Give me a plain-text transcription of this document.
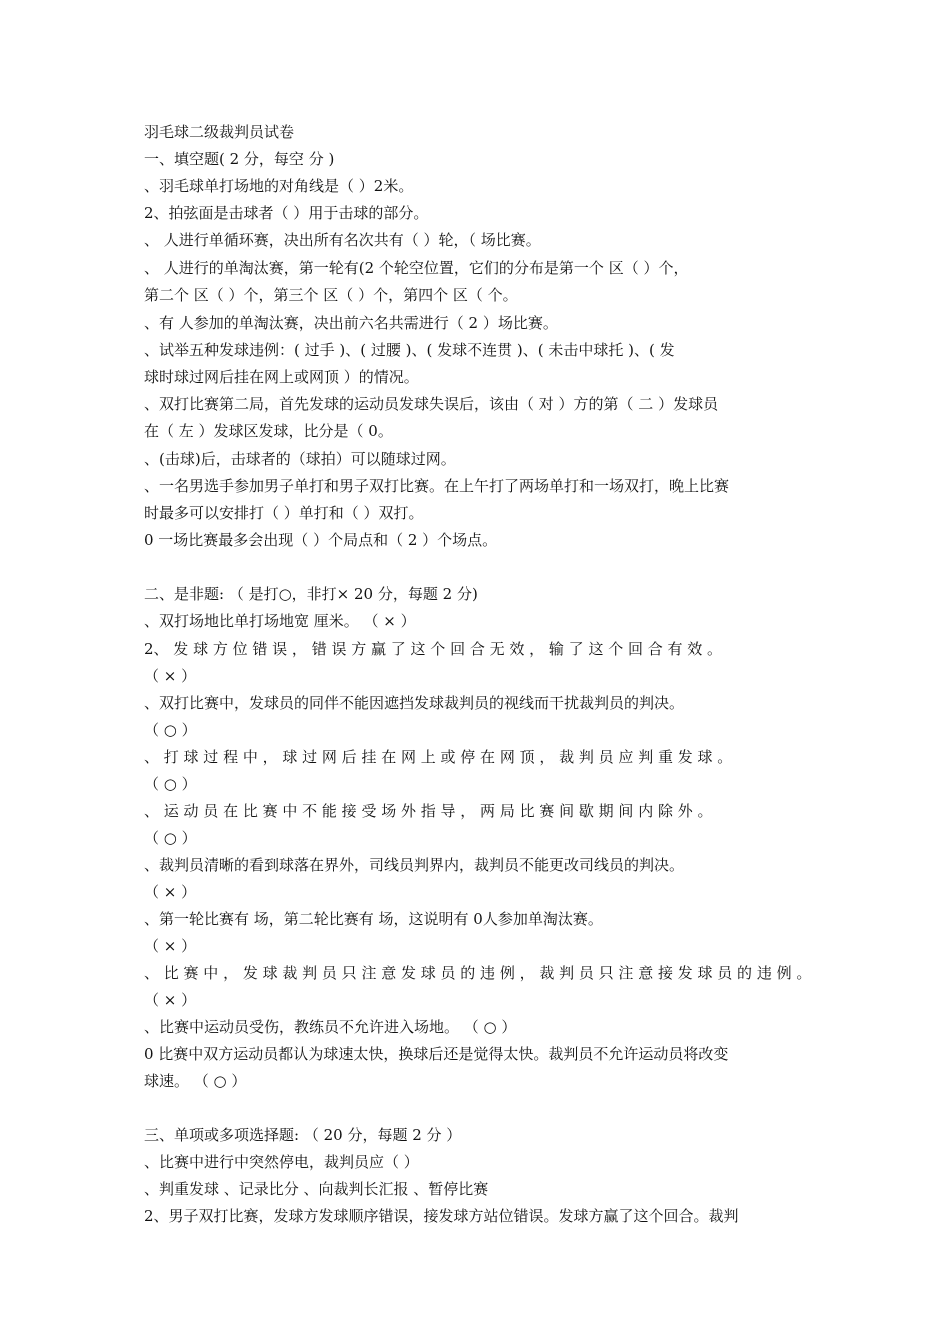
羽毛球二级裁判员试卷
一、填空题( 2 分，每空 分 )
、羽毛球单打场地的对角线是（ ）2米。
2、拍弦面是击球者（ ）用于击球的部分。
、 人进行单循环赛，决出所有名次共有（ ）轮，（ 场比赛。
、 人进行的单淘汰赛，第一轮有(2 个轮空位置，它们的分布是第一个 区（ ）个，
第二个 区（ ）个，第三个 区（ ）个，第四个 区（ 个。
、有 人参加的单淘汰赛，决出前六名共需进行（ 2 ）场比赛。
、试举五种发球违例：( 过手 )、( 过腰 )、( 发球不连贯 )、( 未击中球托 )、( 发
球时球过网后挂在网上或网顶 ）的情况。
、双打比赛第二局，首先发球的运动员发球失误后，该由（ 对 ）方的第（ 二 ）发球员
在（ 左 ）发球区发球，比分是（ 0。
、(击球)后，击球者的（球拍）可以随球过网。
、一名男选手参加男子单打和男子双打比赛。在上午打了两场单打和一场双打，晚上比赛
时最多可以安排打（ ）单打和（ ）双打。
0 一场比赛最多会出现（ ）个局点和（ 2 ）个场点。
二、是非题: （ 是打○，非打× 20 分，每题 2 分)
、双打场地比单打场地宽 厘米。 （ × ）
2、 发 球 方 位 错 误 ， 错 误 方 赢 了 这 个 回 合 无 效 ， 输 了 这 个 回 合 有 效 。
（ × ）
、双打比赛中，发球员的同伴不能因遮挡发球裁判员的视线而干扰裁判员的判决。
（ ○ ）
、 打 球 过 程 中 ， 球 过 网 后 挂 在 网 上 或 停 在 网 顶 ， 裁 判 员 应 判 重 发 球 。
（ ○ ）
、 运 动 员 在 比 赛 中 不 能 接 受 场 外 指 导 ， 两 局 比 赛 间 歇 期 间 内 除 外 。
（ ○ ）
、裁判员清晰的看到球落在界外，司线员判界内，裁判员不能更改司线员的判决。
（ × ）
、第一轮比赛有 场，第二轮比赛有 场，这说明有 0人参加单淘汰赛。
（ × ）
、 比 赛 中 ， 发 球 裁 判 员 只 注 意 发 球 员 的 违 例 ， 裁 判 员 只 注 意 接 发 球 员 的 违 例 。
（ × ）
、比赛中运动员受伤，教练员不允许进入场地。 （ ○ ）
0 比赛中双方运动员都认为球速太快，换球后还是觉得太快。裁判员不允许运动员将改变
球速。 （ ○ ）
三、单项或多项选择题: （ 20 分，每题 2 分 ）
、比赛中进行中突然停电，裁判员应（ ）
、判重发球 、记录比分 、向裁判长汇报 、暂停比赛
2、男子双打比赛，发球方发球顺序错误，接发球方站位错误。发球方赢了这个回合。裁判
